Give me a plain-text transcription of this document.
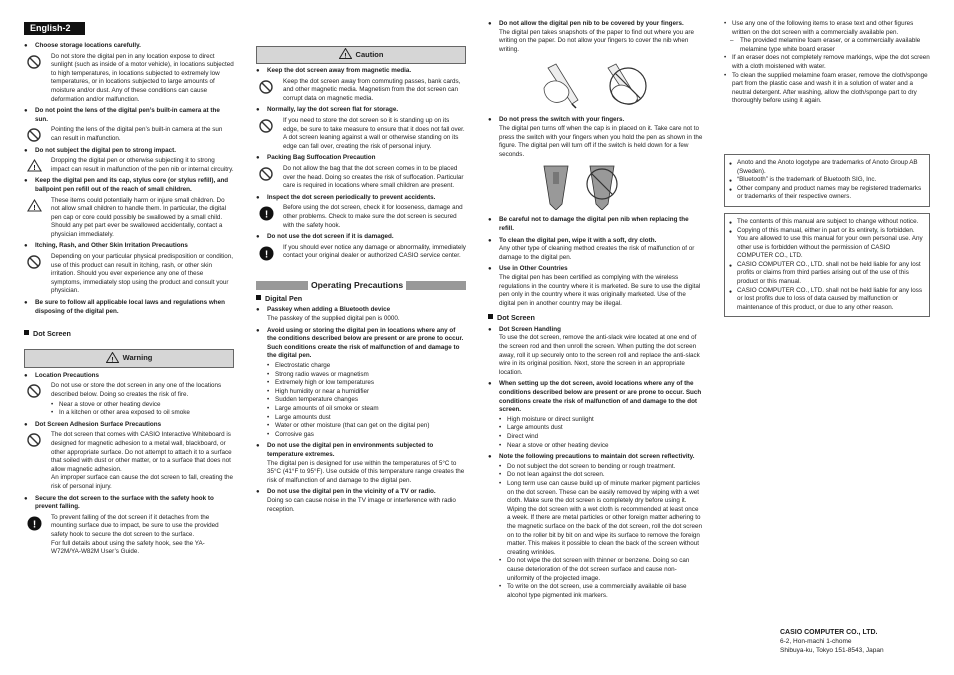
English-2
● Choose storage locations carefully.
Do not store the digital pen in any location expose to direct sunlight (such as inside of a motor vehicle), in locations subjected to high temperatures, in locations subjected to extremely low temperatures, or in locations subjected to large amounts of moisture and/or dust. Any of these conditions can cause deformation and/or malfunction.
● Do not point the lens of the digital pen’s built-in camera at the sun.
Pointing the lens of the digital pen’s built-in camera at the sun can result in malfunction.
● Do not subject the digital pen to strong impact.
!
Dropping the digital pen or otherwise subjecting it to strong impact can result in malfunction of the pen nib or internal circuitry.
● Keep the digital pen and its cap, stylus core (or stylus refill), and ballpoint pen refill out of the reach of small children.
!
These items could potentially harm or injure small children. Do not allow small children to handle them. In particular, the digital pen cap or core could possibly be swallowed by a small child. Should any pet part ever be swallowed accidentally, contact a physician immediately.
● Itching, Rash, and Other Skin Irritation Precautions
Depending on your particular physical predisposition or condition, use of this product can result in itching, rash, or other skin irritation. Should you ever experience any one of these symptoms, immediately stop using the product and consult your physician.
● Be sure to follow all applicable local laws and regulations when disposing of the digital pen.
Dot Screen
! Warning
● Location Precautions
Do not use or store the dot screen in any one of the locations described below. Doing so creates the risk of fire.
• Near a stove or other heating device
• In a kitchen or other area exposed to oil smoke
● Dot Screen Adhesion Surface Precautions
The dot screen that comes with CASIO Interactive Whiteboard is designed for magnetic adhesion to a metal wall, blackboard, or other appropriate surface. Do not attempt to attach it to a surface that soiled with dust or other matter, or to a surface that does not allow magnetic adhesion.
An improper surface can cause the dot screen to fall, creating the risk of personal injury.
● Secure the dot screen to the surface with the safety hook to prevent falling.
!
To prevent falling of the dot screen if it detaches from the mounting surface due to impact, be sure to use the provided safety hook to secure the dot screen to the surface.
For full details about using the safety hook, see the YA-W72M/YA-W82M User’s Guide.
! Caution
● Keep the dot screen away from magnetic media.
Keep the dot screen away from commuting passes, bank cards, and other magnetic media. Magnetism from the dot screen can corrupt data on magnetic media.
● Normally, lay the dot screen flat for storage.
If you need to store the dot screen so it is standing up on its edge, be sure to take measure to ensure that it does not fall over. A dot screen leaning against a wall or otherwise standing on its edge can fall over, creating the risk of personal injury.
● Packing Bag Suffocation Precaution
Do not allow the bag that the dot screen comes in to be placed over the head. Doing so creates the risk of suffocation. Particular care is required in locations where small children are present.
● Inspect the dot screen periodically to prevent accidents.
!
Before using the dot screen, check it for looseness, damage and other problems. Check to make sure the dot screen is secured with the safety hook.
● Do not use the dot screen if it is damaged.
!
If you should ever notice any damage or abnormality, immediately contact your original dealer or authorized CASIO service center.
Operating Precautions
Digital Pen
● Passkey when adding a Bluetooth device
The passkey of the supplied digital pen is 0000.
● Avoid using or storing the digital pen in locations where any of the conditions described below are present or are prone to occur. Such conditions create the risk of malfunction of and damage to the digital pen.
• Electrostatic charge
• Strong radio waves or magnetism
• Extremely high or low temperatures
• High humidity or near a humidifier
• Sudden temperature changes
• Large amounts of oil smoke or steam
• Large amounts dust
• Water or other moisture (that can get on the digital pen)
• Corrosive gas
● Do not use the digital pen in environments subjected to temperature extremes.
The digital pen is designed for use within the temperatures of 5°C to 35°C (41°F to 95°F). Use outside of this temperature range creates the risk of malfunction of and damage to the digital pen.
● Do not use the digital pen in the vicinity of a TV or radio.
Doing so can cause noise in the TV image or interference with radio reception.
● Do not allow the digital pen nib to be covered by your fingers.
The digital pen takes snapshots of the paper to find out where you are writing on the paper. Do not allow your fingers to cover the nib when writing.
● Do not press the switch with your fingers.
The digital pen turns off when the cap is in placed on it. Take care not to press the switch with your fingers when you hold the pen as shown in the figure. The digital pen will turn off if the switch is held down for a few seconds.
● Be careful not to damage the digital pen nib when replacing the refill.
● To clean the digital pen, wipe it with a soft, dry cloth.
Any other type of cleaning method creates the risk of malfunction of or damage to the digital pen.
● Use in Other Countries
The digital pen has been certified as complying with the wireless regulations in the country where it is marketed. Be sure to use the digital pen only in the country where it was originally marketed. Use of the digital pen in another country may be illegal.
Dot Screen
● Dot Screen Handling
To use the dot screen, remove the anti-slack wire located at one end of the screen rod and then unroll the screen. When putting the dot screen away, roll it up securely onto to the screen roll and replace the anti-slack wire in its original position. Next, store the screen in an appropriate location.
● When setting up the dot screen, avoid locations where any of the conditions described below are present or are prone to occur. Such conditions create the risk of malfunction of and damage to the dot screen.
• High moisture or direct sunlight
• Large amounts dust
• Direct wind
• Near a stove or other heating device
● Note the following precautions to maintain dot screen reflectivity.
• Do not subject the dot screen to bending or rough treatment.
• Do not lean against the dot screen.
• Long term use can cause build up of minute marker pigment particles on the dot screen. These can be easily removed by wiping with a wet cloth. Make sure the dot screen is completely dry before using it. Wiping the dot screen with a wet cloth is recommended at least once a week. If there are metal particles or other foreign matter adhering to the magnetic surface on the back of the dot screen, roll the dot screen on to the roller bit by bit on and wipe its surface to remove the foreign matter. This makes it possible to clean the back of the screen without creating wrinkles.
• Do not wipe the dot screen with thinner or benzene. Doing so can cause deterioration of the dot screen surface and cause non-uniformity of the projected image.
• To write on the dot screen, use a commercially available oil base alcohol type pigmented ink markers.
• Use any one of the following items to erase text and other figures written on the dot screen with a commercially available pen.
– The provided melamine foam eraser, or a commercially available melamine type white board eraser
• If an eraser does not completely remove markings, wipe the dot screen with a cloth moistened with water.
• To clean the supplied melamine foam eraser, remove the cloth/sponge part from the plastic case and wash it in a solution of water and a neutral detergent. After washing, allow the cloth/sponge part to dry thoroughly before using it again.
● Anoto and the Anoto logotype are trademarks of Anoto Group AB (Sweden).
● “Bluetooth” is the trademark of Bluetooth SIG, Inc.
● Other company and product names may be registered trademarks or trademarks of their respective owners.
● The contents of this manual are subject to change without notice.
● Copying of this manual, either in part or its entirety, is forbidden. You are allowed to use this manual for your own personal use. Any other use is forbidden without the permission of CASIO COMPUTER CO., LTD.
● CASIO COMPUTER CO., LTD. shall not be held liable for any lost profits or claims from third parties arising out of the use of this product or this manual.
● CASIO COMPUTER CO., LTD. shall not be held liable for any loss or lost profits due to loss of data caused by malfunction or maintenance of this product, or due to any other reason.
CASIO COMPUTER CO., LTD.
6-2, Hon-machi 1-chome
Shibuya-ku, Tokyo 151-8543, Japan
